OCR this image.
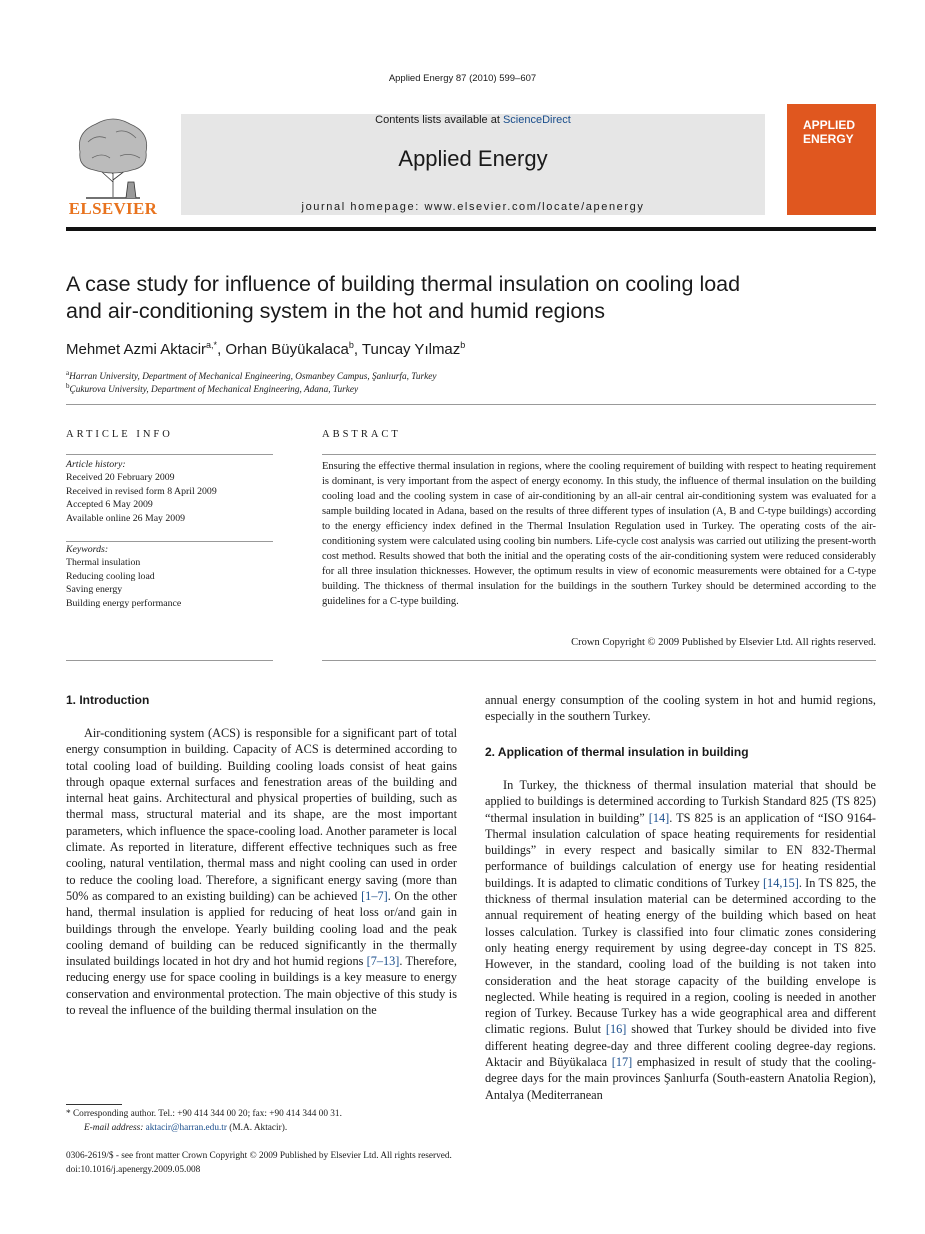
Applied Energy 87 (2010) 599–607
Contents lists available at ScienceDirect
Applied Energy
journal homepage: www.elsevier.com/locate/apenergy
ELSEVIER
APPLIED
ENERGY
A case study for influence of building thermal insulation on cooling load
and air-conditioning system in the hot and humid regions
Mehmet Azmi Aktacir$^{a,*}$, Orhan Büyükalaca$^b$, Tuncay Yılmaz$^b$
$^a$Harran University, Department of Mechanical Engineering, Osmanbey Campus, Şanlıurfa, Turkey
$^b$Çukurova University, Department of Mechanical Engineering, Adana, Turkey
ARTICLE INFO
Article history:
Received 20 February 2009
Received in revised form 8 April 2009
Accepted 6 May 2009
Available online 26 May 2009
Keywords:
Thermal insulation
Reducing cooling load
Saving energy
Building energy performance
ABSTRACT
Ensuring the effective thermal insulation in regions, where the cooling requirement of building with respect to heating requirement is dominant, is very important from the aspect of energy economy. In this study, the influence of thermal insulation on the building cooling load and the cooling system in case of air-conditioning by an all-air central air-conditioning system was evaluated for a sample building located in Adana, based on the results of three different types of insulation (A, B and C-type buildings) according to the energy efficiency index defined in the Thermal Insulation Regulation used in Turkey. The operating costs of the air-conditioning system were calculated using cooling bin numbers. Life-cycle cost analysis was carried out utilizing the present-worth cost method. Results showed that both the initial and the operating costs of the air-conditioning system were reduced considerably for all three insulation thicknesses. However, the optimum results in view of economic measurements were obtained for a C-type building. The thickness of thermal insulation for the buildings in the southern Turkey should be determined according to the guidelines for a C-type building.
Crown Copyright © 2009 Published by Elsevier Ltd. All rights reserved.
1. Introduction

Air-conditioning system (ACS) is responsible for a significant part of total energy consumption in building. Capacity of ACS is determined according to total cooling load of building. Building cooling loads consist of heat gains through opaque external surfaces and fenestration areas of the building and internal heat gains. Architectural and physical properties of building, such as thermal mass, structural material and its shape, are the most important parameters, which influence the space-cooling load. Another parameter is local climate. As reported in literature, different effective techniques such as free cooling, natural ventilation, thermal mass and night cooling can used in order to reduce the cooling load. Therefore, a significant energy saving (more than 50% as compared to an existing building) can be achieved [1–7]. On the other hand, thermal insulation is applied for reducing of heat loss or/and gain in buildings through the envelope. Yearly building cooling load and the peak cooling demand of building can be reduced significantly in the thermally insulated buildings located in hot dry and hot humid regions [7–13]. Therefore, reducing energy use for space cooling in buildings is a key measure to energy conservation and environmental protection. The main objective of this study is to reveal the influence of the building thermal insulation on the

annual energy consumption of the cooling system in hot and humid regions, especially in the southern Turkey.

2. Application of thermal insulation in building

In Turkey, the thickness of thermal insulation material that should be applied to buildings is determined according to Turkish Standard 825 (TS 825) “thermal insulation in building” [14]. TS 825 is an application of “ISO 9164-Thermal insulation calculation of space heating requirements for residential buildings” in every respect and basically similar to EN 832-Thermal performance of buildings calculation of energy use for heating residential buildings. It is adapted to climatic conditions of Turkey [14,15]. In TS 825, the thickness of thermal insulation material can be determined according to the annual requirement of heating energy of the building which based on heat losses calculation. Turkey is classified into four climatic zones considering only heating energy requirement by using degree-day concept in TS 825. However, in the standard, cooling load of the building is not taken into consideration and the heat storage capacity of the building envelope is neglected. While heating is required in a region, cooling is needed in another region of Turkey. Because Turkey has a wide geographical area and different climatic regions. Bulut [16] showed that Turkey should be divided into five different heating degree-day and three different cooling degree-day regions. Aktacir and Büyükalaca [17] emphasized in result of study that the cooling-degree days for the main provinces Şanlıurfa (South-eastern Anatolia Region), Antalya (Mediterranean

* Corresponding author. Tel.: +90 414 344 00 20; fax: +90 414 344 00 31.
E-mail address: aktacir@harran.edu.tr (M.A. Aktacir).
0306-2619/$ - see front matter Crown Copyright © 2009 Published by Elsevier Ltd. All rights reserved.
doi:10.1016/j.apenergy.2009.05.008
